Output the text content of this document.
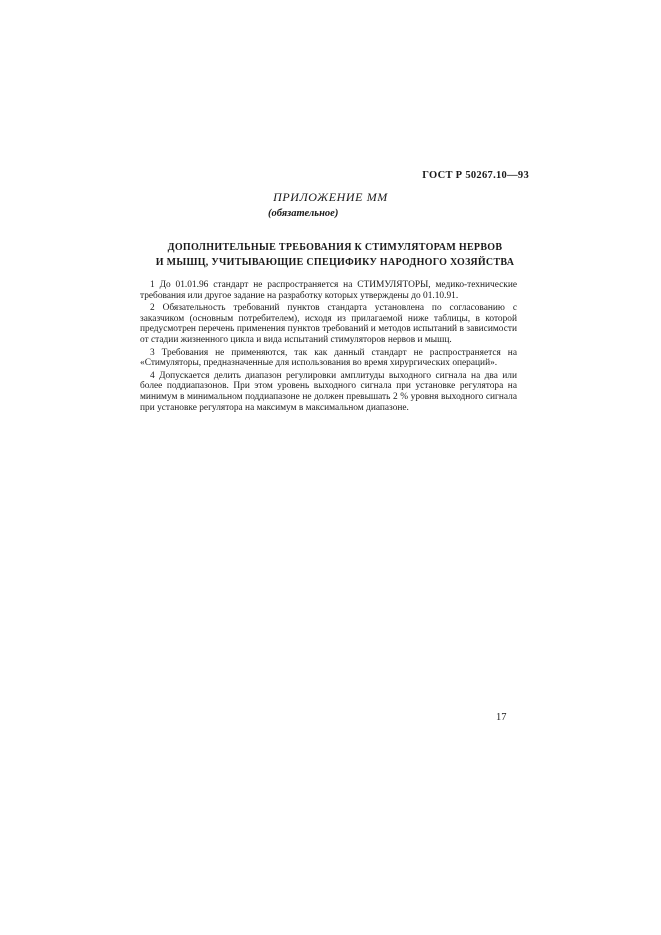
ГОСТ Р 50267.10—93
ПРИЛОЖЕНИЕ ММ
(обязательное)
ДОПОЛНИТЕЛЬНЫЕ ТРЕБОВАНИЯ К СТИМУЛЯТОРАМ НЕРВОВ
И МЫШЦ, УЧИТЫВАЮЩИЕ СПЕЦИФИКУ НАРОДНОГО ХОЗЯЙСТВА

1 До 01.01.96 стандарт не распространяется на СТИМУЛЯТОРЫ, медико-технические требования или другое задание на разработку которых утверждены до 01.10.91.

2 Обязательность требований пунктов стандарта установлена по согласованию с заказчиком (основным потребителем), исходя из прилагаемой ниже таблицы, в которой предусмотрен перечень применения пунктов требований и методов испытаний в зависимости от стадии жизненного цикла и вида испытаний стимуляторов нервов и мышц.

3 Требования не применяются, так как данный стандарт не распространяется на «Стимуляторы, предназначенные для использования во время хирургических операций».

4 Допускается делить диапазон регулировки амплитуды выходного сигнала на два или более поддиапазонов. При этом уровень выходного сигнала при установке регулятора на минимум в минимальном поддиапазоне не должен превышать 2 % уровня выходного сигнала при установке регулятора на максимум в максимальном диапазоне.

17
